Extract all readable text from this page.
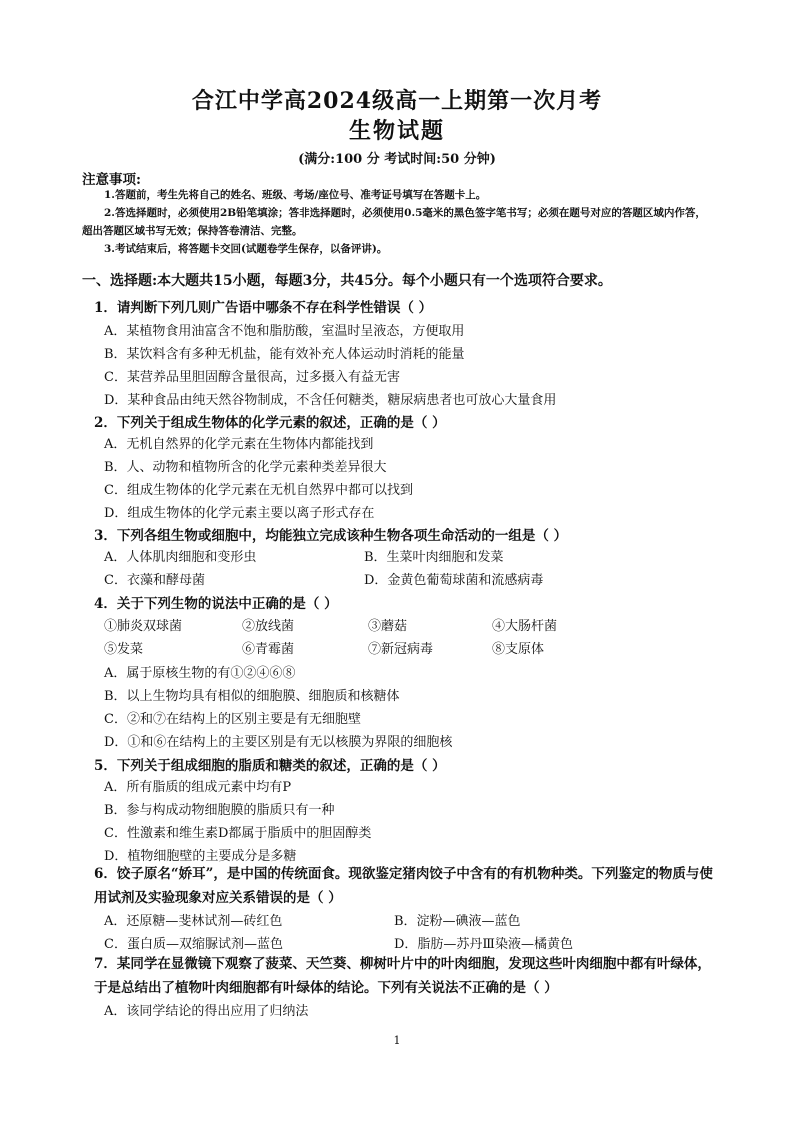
合江中学高2024级高一上期第一次月考
生物试题
(满分:100 分 考试时间:50 分钟)
注意事项:
1.答题前，考生先将自己的姓名、班级、考场/座位号、准考证号填写在答题卡上。
2.答选择题时，必须使用2B铅笔填涂；答非选择题时，必须使用0.5毫米的黑色签字笔书写；必须在题号对应的答题区域内作答，超出答题区域书写无效；保持答卷清洁、完整。
3.考试结束后，将答题卡交回(试题卷学生保存，以备评讲)。
一、选择题:本大题共15小题，每题3分，共45分。每个小题只有一个选项符合要求。
1．请判断下列几则广告语中哪条不存在科学性错误（ ）
A．某植物食用油富含不饱和脂肪酸，室温时呈液态，方便取用
B．某饮料含有多种无机盐，能有效补充人体运动时消耗的能量
C．某营养品里胆固醇含量很高，过多摄入有益无害
D．某种食品由纯天然谷物制成，不含任何糖类，糖尿病患者也可放心大量食用
2．下列关于组成生物体的化学元素的叙述，正确的是（ ）
A．无机自然界的化学元素在生物体内都能找到
B．人、动物和植物所含的化学元素种类差异很大
C．组成生物体的化学元素在无机自然界中都可以找到
D．组成生物体的化学元素主要以离子形式存在
3．下列各组生物或细胞中，均能独立完成该种生物各项生命活动的一组是（ ）
A．人体肌肉细胞和变形虫	B．生菜叶肉细胞和发菜
C．衣藻和酵母菌	D．金黄色葡萄球菌和流感病毒
4．关于下列生物的说法中正确的是（ ）
①肺炎双球菌	②放线菌	③蘑菇	④大肠杆菌
⑤发菜	⑥青霉菌	⑦新冠病毒	⑧支原体
A．属于原核生物的有①②④⑥⑧
B．以上生物均具有相似的细胞膜、细胞质和核糖体
C．②和⑦在结构上的区别主要是有无细胞壁
D．①和⑥在结构上的主要区别是有无以核膜为界限的细胞核
5．下列关于组成细胞的脂质和糖类的叙述，正确的是（ ）
A．所有脂质的组成元素中均有P
B．参与构成动物细胞膜的脂质只有一种
C．性激素和维生素D都属于脂质中的胆固醇类
D．植物细胞壁的主要成分是多糖
6．饺子原名“娇耳”，是中国的传统面食。现欲鉴定猪肉饺子中含有的有机物种类。下列鉴定的物质与使用试剂及实验现象对应关系错误的是（ ）
A．还原糖—斐林试剂—砖红色	B．淀粉—碘液—蓝色
C．蛋白质—双缩脲试剂—蓝色	D．脂肪—苏丹Ⅲ染液—橘黄色
7．某同学在显微镜下观察了菠菜、天竺葵、柳树叶片中的叶肉细胞，发现这些叶肉细胞中都有叶绿体，于是总结出了植物叶肉细胞都有叶绿体的结论。下列有关说法不正确的是（ ）
A．该同学结论的得出应用了归纳法
1
